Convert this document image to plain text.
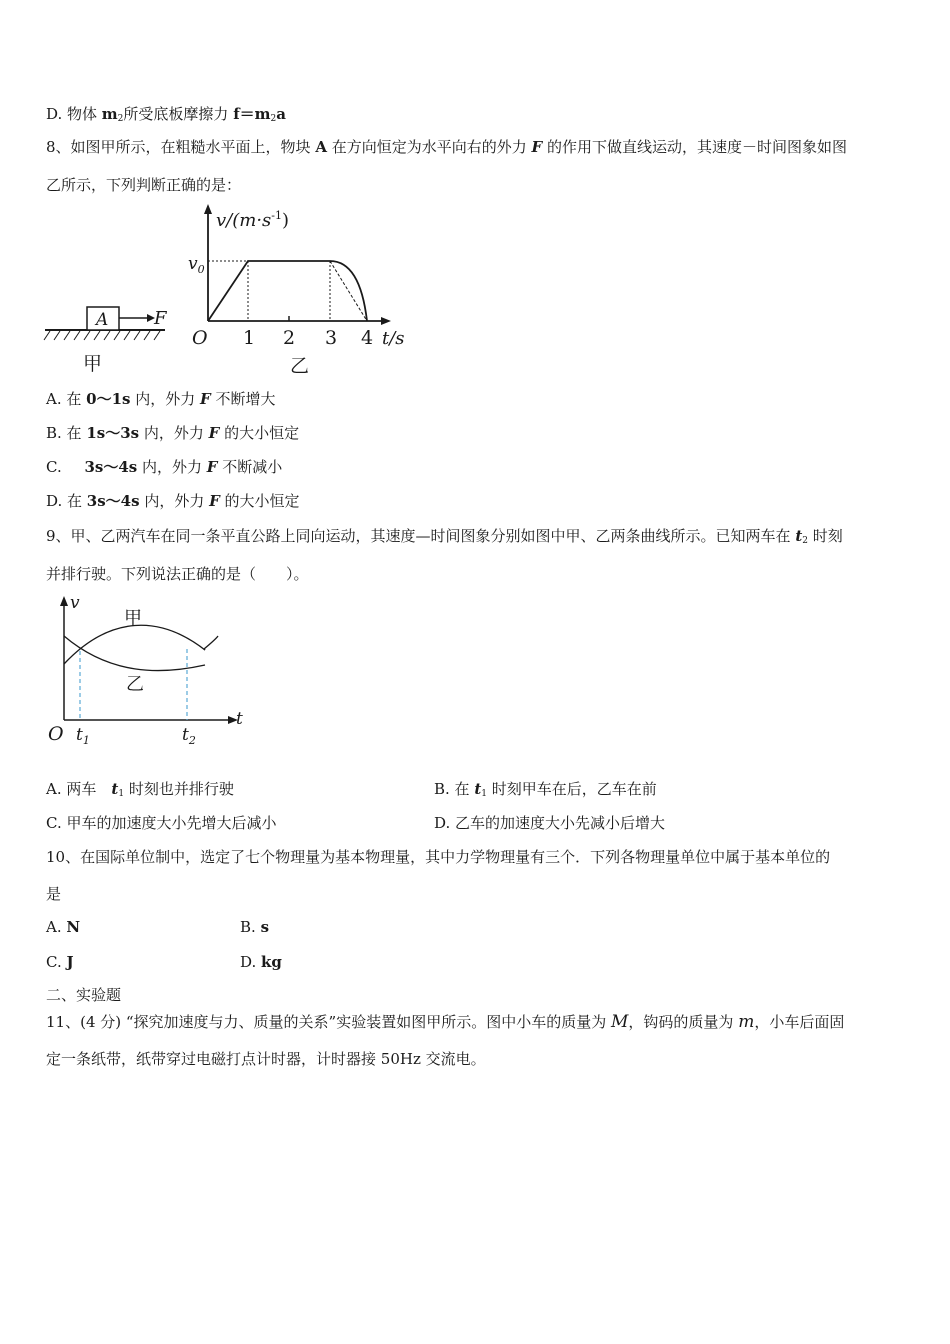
D. 物体 $m_2$所受底板摩擦力 $f=m_2a$
8、如图甲所示，在粗糙水平面上，物块 A 在方向恒定为水平向右的外力 F 的作用下做直线运动，其速度－时间图象如图
乙所示，下列判断正确的是：
A	F
甲
$v/(m\cdot s^{-1})$
$v_0$
O 1 2 3 4 t/s
乙
A. 在 0～1s 内，外力 F 不断增大
B. 在 1s～3s 内，外力 F 的大小恒定
C. 3s～4s 内，外力 F 不断减小
D. 在 3s～4s 内，外力 F 的大小恒定
9、甲、乙两汽车在同一条平直公路上同向运动，其速度—时间图象分别如图中甲、乙两条曲线所示。已知两车在 $t_2$ 时刻
并排行驶。下列说法正确的是（　　）。
v
t
O $t_1$	$t_2$
甲
乙
A. 两车　$t_1$ 时刻也并排行驶	B. 在 $t_1$ 时刻甲车在后，乙车在前
C. 甲车的加速度大小先增大后减小	D. 乙车的加速度大小先减小后增大
10、在国际单位制中，选定了七个物理量为基本物理量，其中力学物理量有三个．下列各物理量单位中属于基本单位的
是
A. N	B. s
C. J	D. kg
二、实验题
11、(4 分) “探究加速度与力、质量的关系”实验装置如图甲所示。图中小车的质量为 M，钩码的质量为 m，小车后面固
定一条纸带，纸带穿过电磁打点计时器，计时器接 50Hz 交流电。
